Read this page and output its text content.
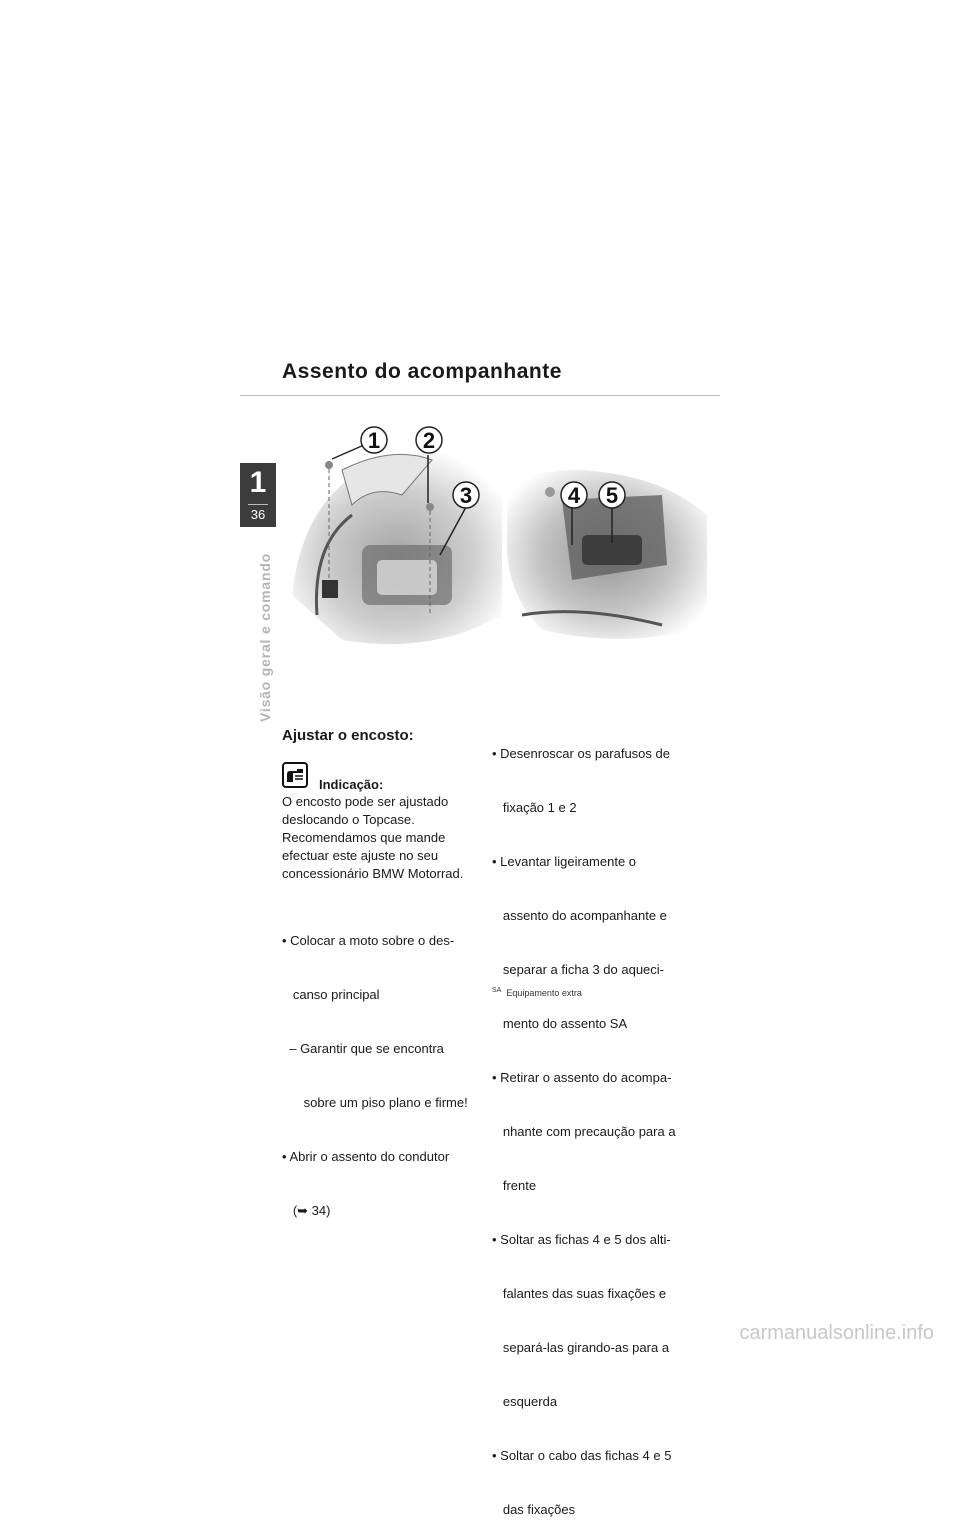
Assento do acompanhante
1
36
Visão geral e comando
1 2
3	4 5
Ajustar o encosto:
Indicação:
O encosto pode ser ajustado
deslocando o Topcase.
Recomendamos que mande
efectuar este ajuste no seu
concessionário BMW Motorrad.

• Colocar a moto sobre o des-

canso principal

– Garantir que se encontra

sobre um piso plano e firme!

• Abrir o assento do condutor

(➥ 34)

• Desenroscar os parafusos de

fixação 1 e 2

• Levantar ligeiramente o

assento do acompanhante e

separar a ficha 3 do aqueci-

mento do assento SA

• Retirar o assento do acompa-

nhante com precaução para a

frente

• Soltar as fichas 4 e 5 dos alti-

falantes das suas fixações e

separá-las girando-as para a

esquerda

• Soltar o cabo das fichas 4 e 5

das fixações

$^{SA}$ Equipamento extra
carmanualsonline.info
